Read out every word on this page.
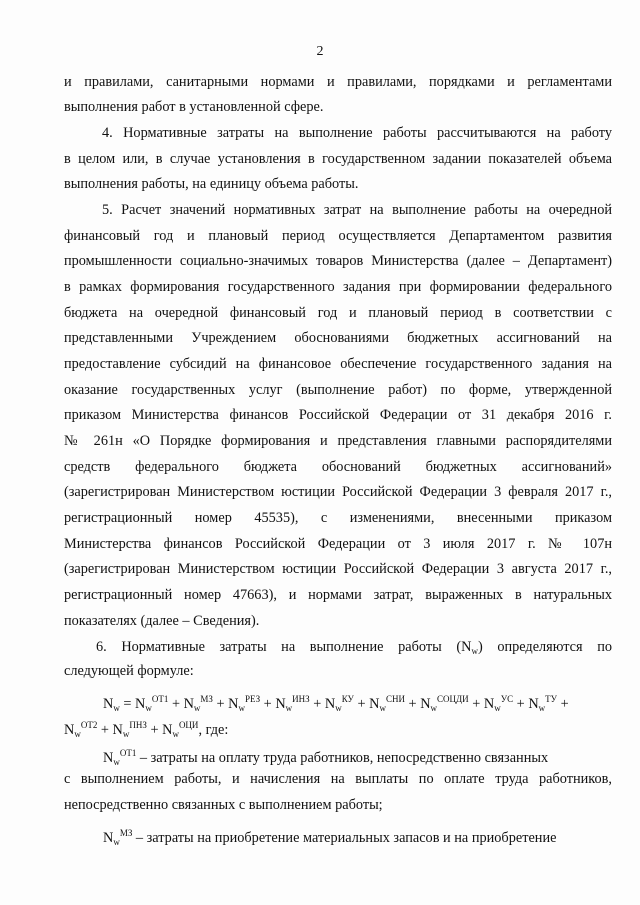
2
и правилами, санитарными нормами и правилами, порядками и регламентами
выполнения работ в установленной сфере.
4. Нормативные затраты на выполнение работы рассчитываются на работу
в целом или, в случае установления в государственном задании показателей объема
выполнения работы, на единицу объема работы.
5. Расчет значений нормативных затрат на выполнение работы на очередной
финансовый год и плановый период осуществляется Департаментом развития
промышленности социально-значимых товаров Министерства (далее – Департамент)
в рамках формирования государственного задания при формировании федерального
бюджета на очередной финансовый год и плановый период в соответствии с
представленными Учреждением обоснованиями бюджетных ассигнований на
предоставление субсидий на финансовое обеспечение государственного задания на
оказание государственных услуг (выполнение работ) по форме, утвержденной
приказом Министерства финансов Российской Федерации от 31 декабря 2016 г.
№ 261н «О Порядке формирования и представления главными распорядителями
средств федерального бюджета обоснований бюджетных ассигнований»
(зарегистрирован Министерством юстиции Российской Федерации 3 февраля 2017 г.,
регистрационный номер 45535), с изменениями, внесенными приказом
Министерства финансов Российской Федерации от 3 июля 2017 г. № 107н
(зарегистрирован Министерством юстиции Российской Федерации 3 августа 2017 г.,
регистрационный номер 47663), и нормами затрат, выраженных в натуральных
показателях (далее – Сведения).
6. Нормативные затраты на выполнение работы $(N_w)$ определяются по
следующей формуле:
$N_w = N_w^{ОТ1} + N_w^{МЗ} + N_w^{РЕЗ} + N_w^{ИНЗ} + N_w^{КУ} + N_w^{СНИ} + N_w^{СОЦДИ} + N_w^{УС} + N_w^{ТУ}$ +
$N_w^{ОТ2} + N_w^{ПНЗ} + N_w^{ОЦИ}$, где:
$N_w^{ОТ1}$ – затраты на оплату труда работников, непосредственно связанных
с выполнением работы, и начисления на выплаты по оплате труда работников,
непосредственно связанных с выполнением работы;
$N_w^{МЗ}$ – затраты на приобретение материальных запасов и на приобретение
